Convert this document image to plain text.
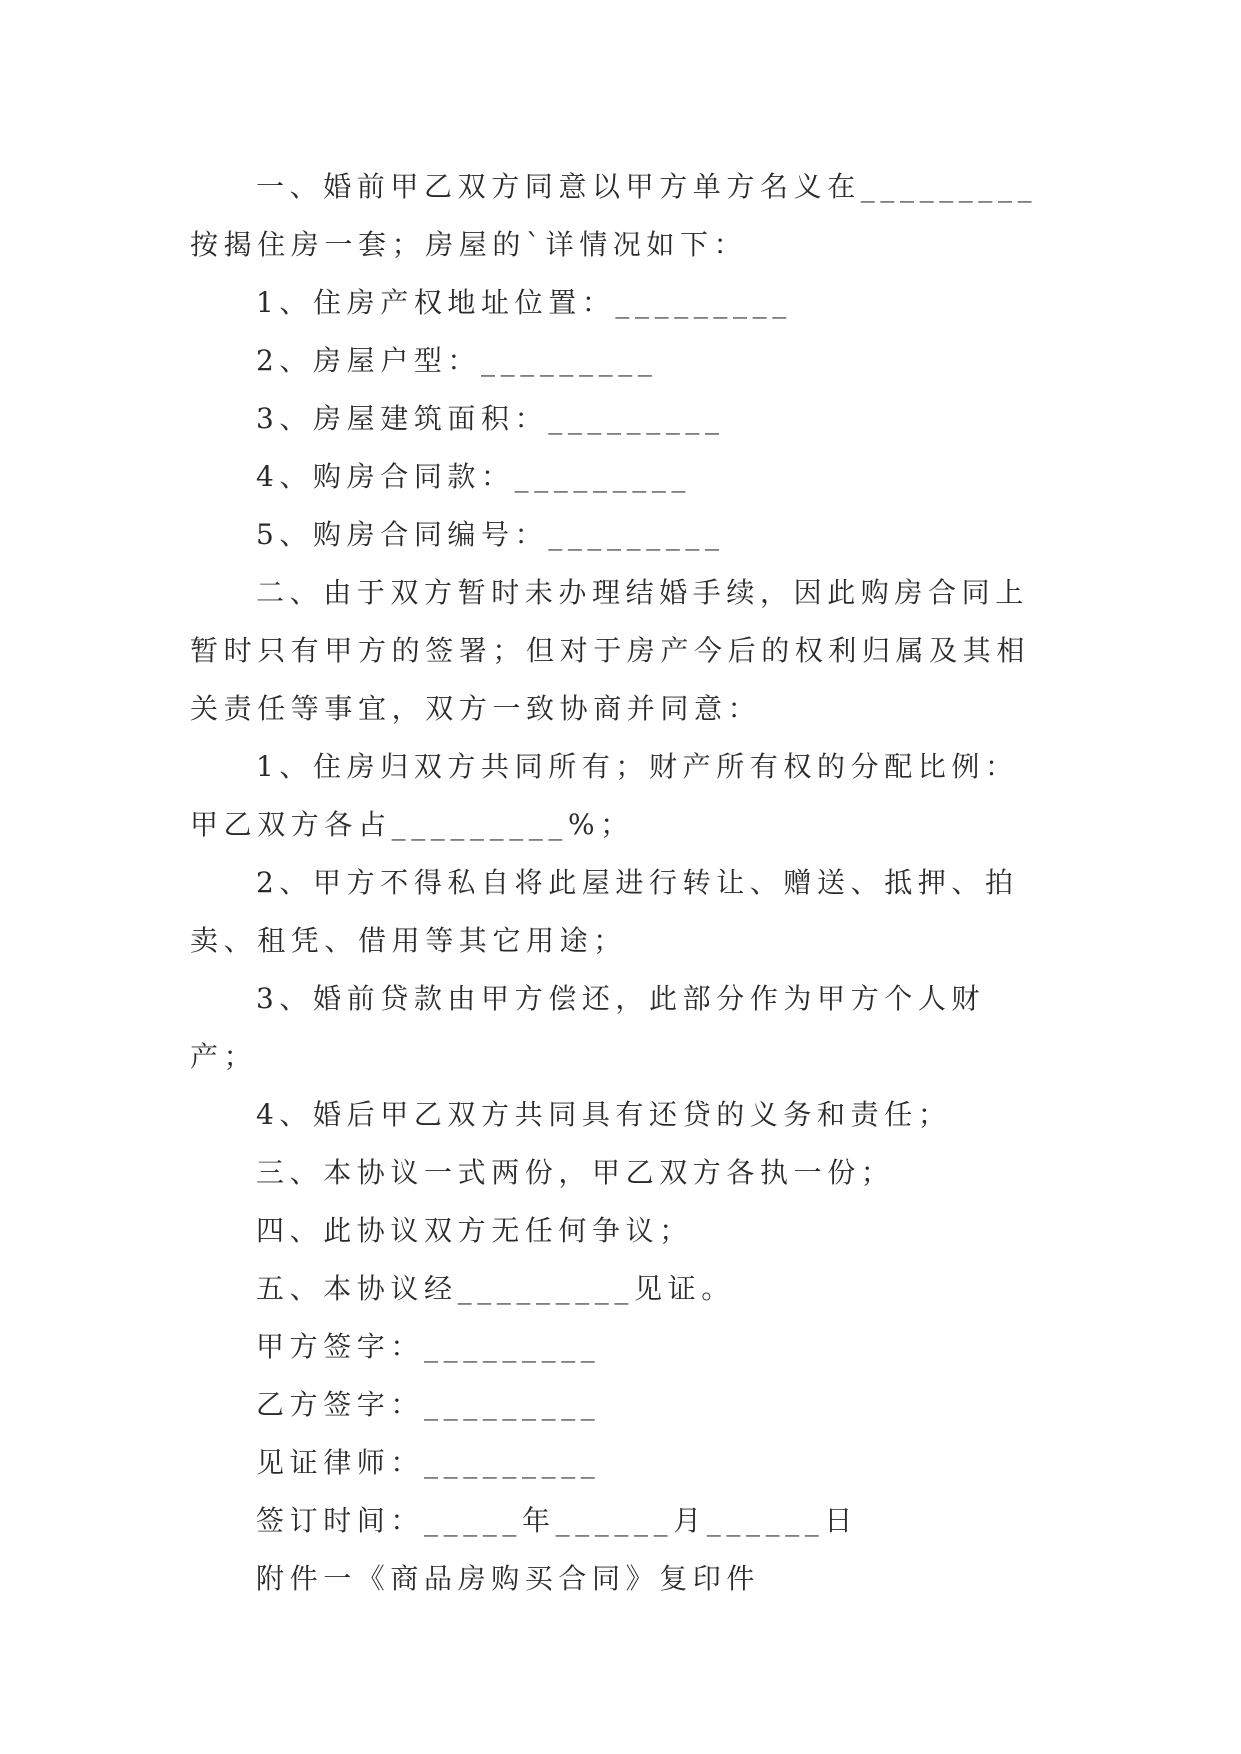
一、婚前甲乙双方同意以甲方单方名义在_________按揭住房一套；房屋的`详情况如下：

1、住房产权地址位置：_________

2、房屋户型：_________

3、房屋建筑面积：_________

4、购房合同款：_________

5、购房合同编号：_________

二、由于双方暂时未办理结婚手续，因此购房合同上暂时只有甲方的签署；但对于房产今后的权利归属及其相关责任等事宜，双方一致协商并同意：

1、住房归双方共同所有；财产所有权的分配比例：甲乙双方各占_________%；

2、甲方不得私自将此屋进行转让、赠送、抵押、拍卖、租凭、借用等其它用途；

3、婚前贷款由甲方偿还，此部分作为甲方个人财产；

4、婚后甲乙双方共同具有还贷的义务和责任；

三、本协议一式两份，甲乙双方各执一份；

四、此协议双方无任何争议；

五、本协议经_________见证。

甲方签字：_________

乙方签字：_________

见证律师：_________

签订时间：_____年______月______日

附件一《商品房购买合同》复印件
